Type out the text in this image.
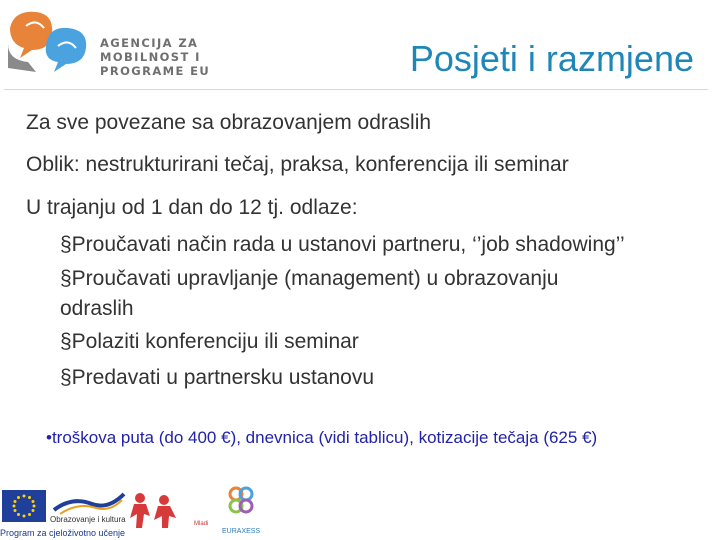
AGENCIJA ZA
MOBILNOST I
PROGRAME EU	Posjeti i razmjene
Za sve povezane sa obrazovanjem odraslih
Oblik: nestrukturirani tečaj, praksa, konferencija ili seminar
U trajanju od 1 dan do 12 tj. odlaze:
§Proučavati način rada u ustanovi partneru, ‘’job shadowing’’
§Proučavati upravljanje (management) u obrazovanju
odraslih
§Polaziti konferenciju ili seminar
§Predavati u partnersku ustanovu
•troškova puta (do 400 €), dnevnica (vidi tablicu), kotizacije tečaja (625 €)
Program za cjeloživotno učenje
Obrazovanje i kultura	Mladi
EURAXESS
